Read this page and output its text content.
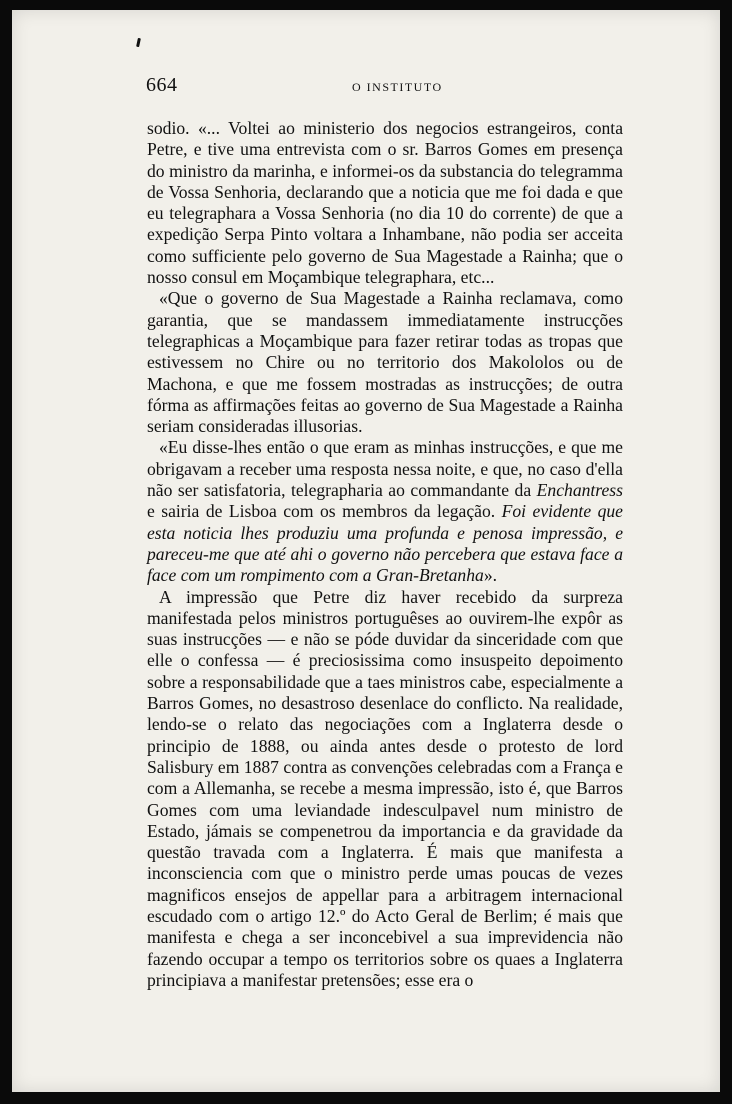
664	O INSTITUTO

sodio. «... Voltei ao ministerio dos negocios estrangeiros, conta Petre, e tive uma entrevista com o sr. Barros Gomes em presença do ministro da marinha, e informei-os da substancia do telegramma de Vossa Senhoria, declarando que a noticia que me foi dada e que eu telegraphara a Vossa Senhoria (no dia 10 do corrente) de que a expedição Serpa Pinto voltara a Inhambane, não podia ser acceita como sufficiente pelo governo de Sua Magestade a Rainha; que o nosso consul em Moçambique telegraphara, etc...

«Que o governo de Sua Magestade a Rainha reclamava, como garantia, que se mandassem immediatamente instrucções telegraphicas a Moçambique para fazer retirar todas as tropas que estivessem no Chire ou no territorio dos Makololos ou de Machona, e que me fossem mostradas as instrucções; de outra fórma as affirmações feitas ao governo de Sua Magestade a Rainha seriam consideradas illusorias.

«Eu disse-lhes então o que eram as minhas instrucções, e que me obrigavam a receber uma resposta nessa noite, e que, no caso d'ella não ser satisfatoria, telegrapharia ao commandante da Enchantress e sairia de Lisboa com os membros da legação. Foi evidente que esta noticia lhes produziu uma profunda e penosa impressão, e pareceu-me que até ahi o governo não percebera que estava face a face com um rompimento com a Gran-Bretanha».

A impressão que Petre diz haver recebido da surpreza manifestada pelos ministros portuguêses ao ouvirem-lhe expôr as suas instrucções — e não se póde duvidar da sinceridade com que elle o confessa — é preciosissima como insuspeito depoimento sobre a responsabilidade que a taes ministros cabe, especialmente a Barros Gomes, no desastroso desenlace do conflicto. Na realidade, lendo-se o relato das negociações com a Inglaterra desde o principio de 1888, ou ainda antes desde o protesto de lord Salisbury em 1887 contra as convenções celebradas com a França e com a Allemanha, se recebe a mesma impressão, isto é, que Barros Gomes com uma leviandade indesculpavel num ministro de Estado, jámais se compenetrou da importancia e da gravidade da questão travada com a Inglaterra. É mais que manifesta a inconsciencia com que o ministro perde umas poucas de vezes magnificos ensejos de appellar para a arbitragem internacional escudado com o artigo 12.º do Acto Geral de Berlim; é mais que manifesta e chega a ser inconcebivel a sua imprevidencia não fazendo occupar a tempo os territorios sobre os quaes a Inglaterra principiava a manifestar pretensões; esse era o
